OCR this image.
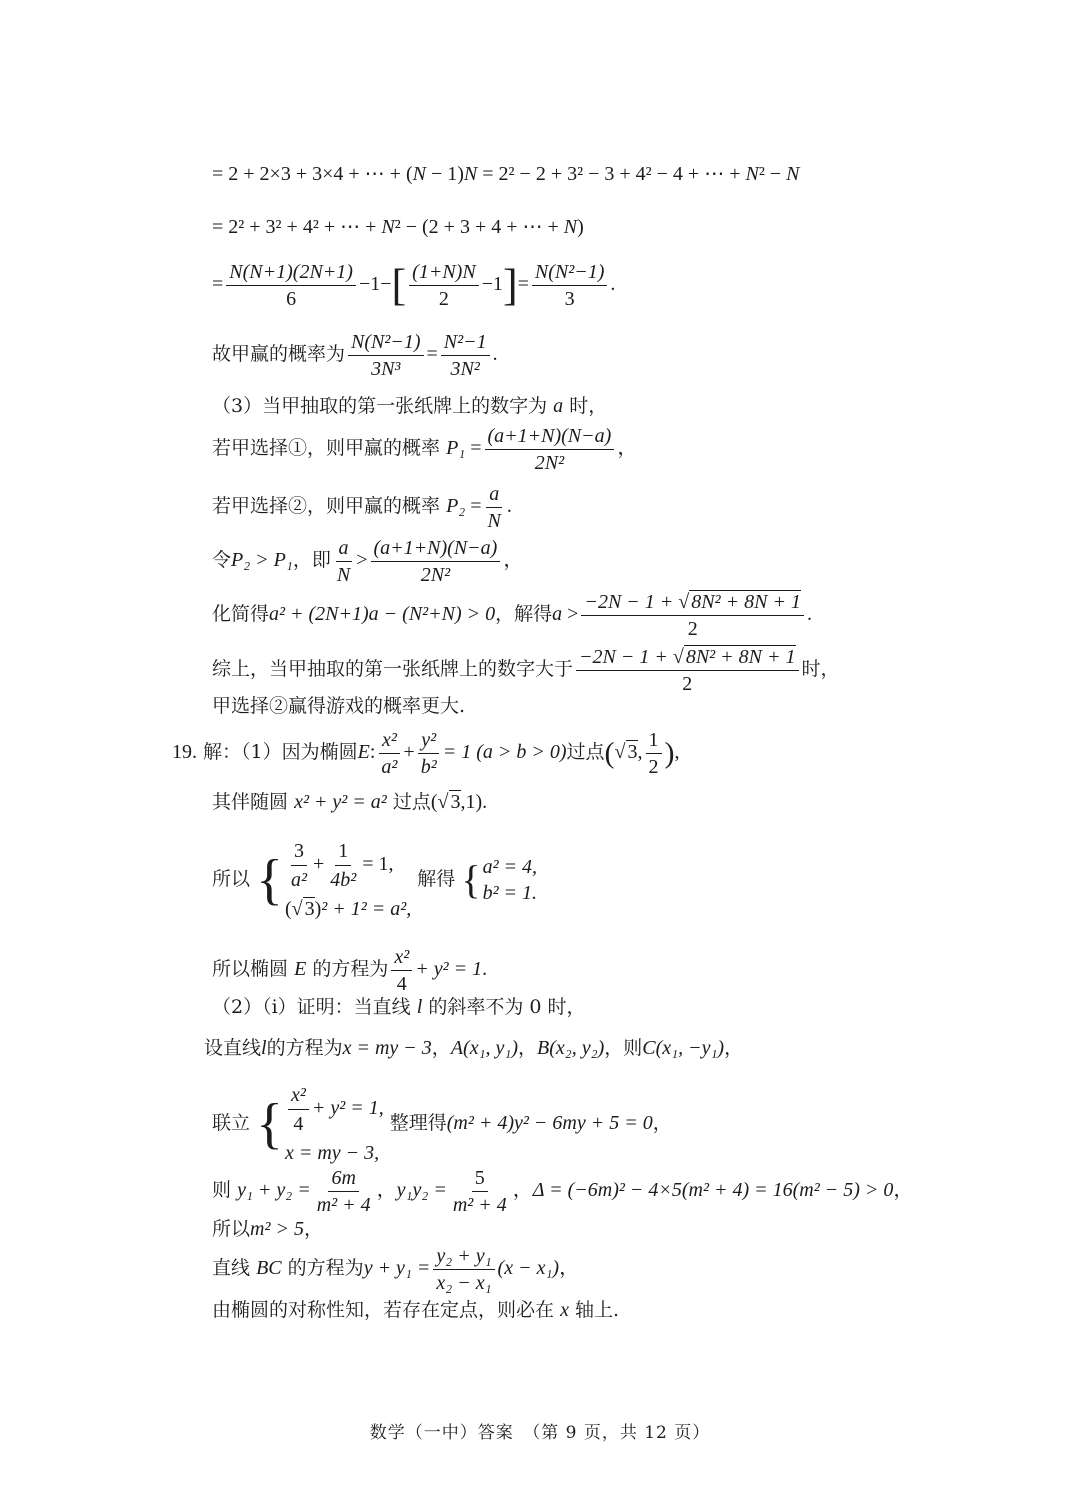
= 2 + 2×3 + 3×4 + ⋯ + (N − 1)N = 2² − 2 + 3² − 3 + 4² − 4 + ⋯ + N² − N
= 2² + 3² + 4² + ⋯ + N² − (2 + 3 + 4 + ⋯ + N)
= $\frac{N(N+1)(2N+1)}{6} -1-[ \frac{(1+N)N}{2} -1]= \frac{\text{N(N²−1)}}{3}$ .
故甲赢的概率为 $\frac{\text{N(N²−1)}}{\text{3N³}} = \frac{\text{N²−1}}{\text{3N²}}$ .
（3）当甲抽取的第一张纸牌上的数字为 a 时，
若甲选择①，则甲赢的概率 $P_1 = \frac{(a+1+N)(N-a)}{\text{2N²}}$ ，
若甲选择②，则甲赢的概率 $P_2 = \frac{a}{N}$ .
令P₂ > P₁，即 $\frac{a}{N} > \frac{(a+1+N)(N-a)}{\text{2N²}}$ ，
化简得a² + (2N+1)a − (N²+N) > 0，解得$a > \frac{\text{−2N − 1 + √ 8N² + 8N + 1}}{2}$ .
综上，当甲抽取的第一张纸牌上的数字大于 $\frac{\text{−2N − 1 + √ 8N² + 8N + 1}}{2}$ 时，
甲选择②赢得游戏的概率更大.
19. 解：（1）因为椭圆E: $\frac{\text{x²}}{\text{a²}} + \frac{\text{y²}}{\text{b²}} = 1$ (a > b > 0)过点(√ 3, $\frac{1}{2}$ ),
其伴随圆 x² + y² = a² 过点(√ 3,1).
所以 { $\frac{3}{\text{a²}} + \frac{1}{\text{4b²}} = 1$,
(√ 3)² + 1² = a²,
解得 { a² = 4,
b² = 1.
所以椭圆 E 的方程为 $\frac{\text{x²}}{4} + y^2 = 1$.
（2）（i）证明：当直线 l 的斜率不为 0 时，
设直线l的方程为x = my − 3，A(x₁, y₁)，B(x₂, y₂)，则C(x₁, −y₁)，
联立 { $\frac{\text{x²}}{4} + y^2 = 1$,
x = my − 3,
整理得(m² + 4)y² − 6my + 5 = 0，
则 $y_1 + y_2 = \frac{6m}{\text{m² + 4}}$ ，$y_1y_2 = \frac{5}{\text{m² + 4}}$ ，Δ = (−6m)² − 4×5(m² + 4) = 16(m² − 5) > 0，
所以m² > 5，
直线 BC 的方程为$y + y_1 = \frac{\text{y₂ + y₁}}{\text{x₂ − x₁}} (x - x_1)$，
由椭圆的对称性知，若存在定点，则必在 x 轴上.
数学（一中）答案　（第 9 页，共 12 页）
